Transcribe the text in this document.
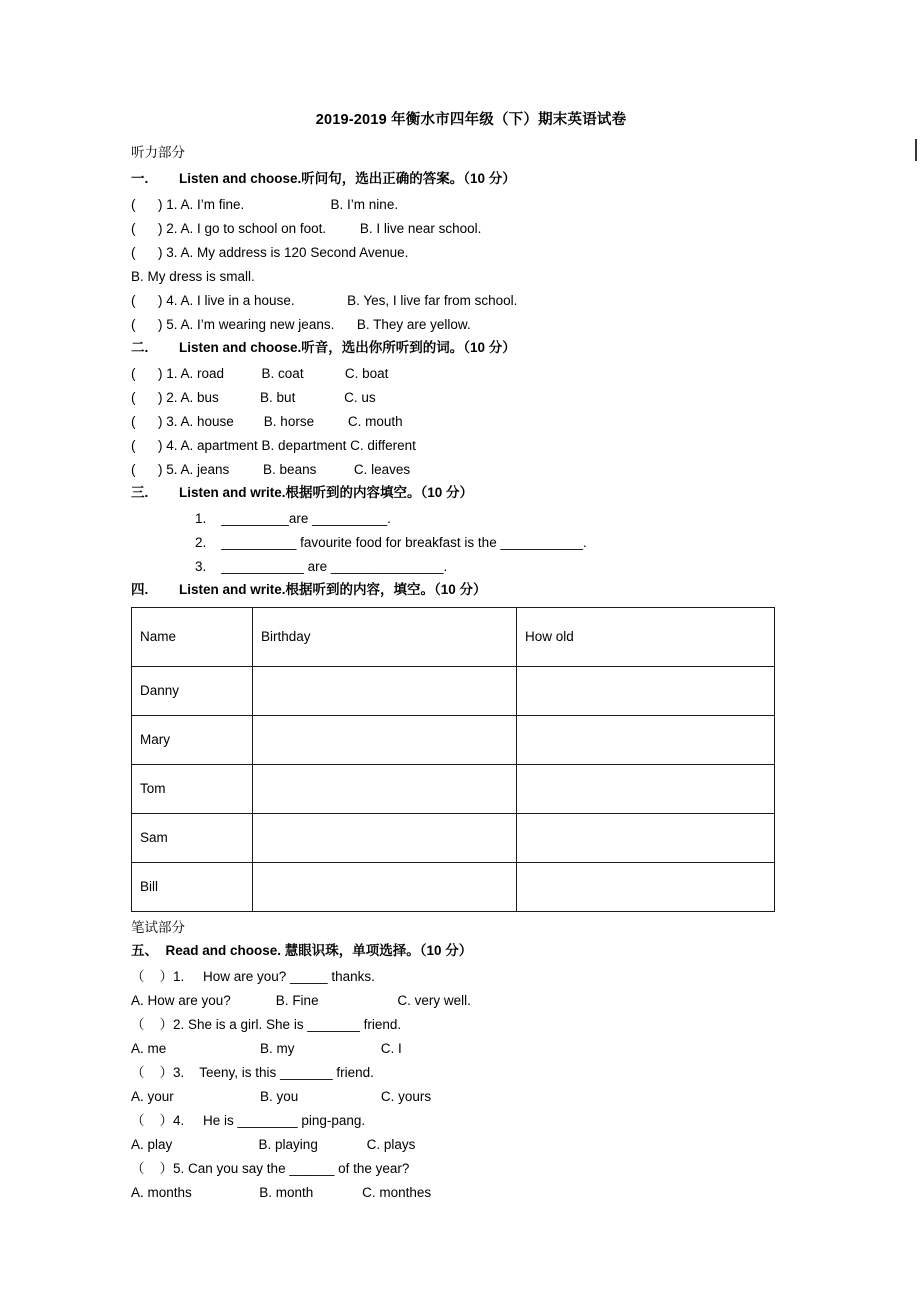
2019-2019 年衡水市四年级（下）期末英语试卷
听力部分
一.　　 Listen and choose.听问句，选出正确的答案。（10 分）
(      ) 1. A. I’m fine.                       B. I’m nine.
(      ) 2. A. I go to school on foot.         B. I live near school.
(      ) 3. A. My address is 120 Second Avenue.
B. My dress is small.
(      ) 4. A. I live in a house.              B. Yes, I live far from school.
(      ) 5. A. I’m wearing new jeans.      B. They are yellow.
二.　　 Listen and choose.听音，选出你所听到的词。（10 分）
(      ) 1. A. road          B. coat           C. boat
(      ) 2. A. bus           B. but             C. us
(      ) 3. A. house        B. horse         C. mouth
(      ) 4. A. apartment B. department C. different
(      ) 5. A. jeans         B. beans          C. leaves
三.　　 Listen and write.根据听到的内容填空。（10 分）
1.    _________are __________.
2.    __________ favourite food for breakfast is the ___________.
3.    ___________ are _______________.
四.　　 Listen and write.根据听到的内容，填空。（10 分）
Name	Birthday	How old
Danny		
Mary		
Tom		
Sam		
Bill		
笔试部分
五、  Read and choose. 慧眼识珠，单项选择。（10 分）
（    ）1.     How are you? _____ thanks.
A. How are you?            B. Fine                     C. very well.
（    ）2. She is a girl. She is _______ friend.
A. me                         B. my                       C. I
（    ）3.    Teeny, is this _______ friend.
A. your                       B. you                      C. yours
（    ）4.     He is ________ ping-pang.
A. play                       B. playing             C. plays
（    ）5. Can you say the ______ of the year?
A. months                  B. month             C. monthes
